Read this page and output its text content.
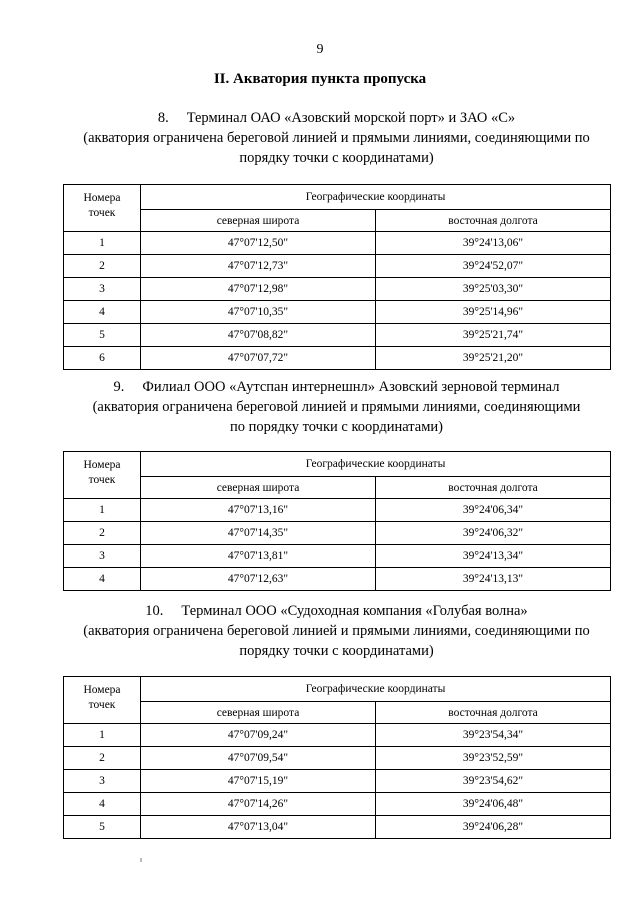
9
II. Акватория пункта пропуска
8. Терминал ОАО «Азовский морской порт» и ЗАО «С»
(акватория ограничена береговой линией и прямыми линиями, соединяющими по
порядку точки с координатами)
Номера
точек	Географические координаты	
	северная широта	восточная долгота
1	47°07'12,50"	39°24'13,06"
2	47°07'12,73"	39°24'52,07"
3	47°07'12,98"	39°25'03,30"
4	47°07'10,35"	39°25'14,96"
5	47°07'08,82"	39°25'21,74"
6	47°07'07,72"	39°25'21,20"
9. Филиал ООО «Аутспан интернешнл» Азовский зерновой терминал
(акватория ограничена береговой линией и прямыми линиями, соединяющими
по порядку точки с координатами)
Номера
точек	Географические координаты	
	северная широта	восточная долгота
1	47°07'13,16"	39°24'06,34"
2	47°07'14,35"	39°24'06,32"
3	47°07'13,81"	39°24'13,34"
4	47°07'12,63"	39°24'13,13"
10. Терминал ООО «Судоходная компания «Голубая волна»
(акватория ограничена береговой линией и прямыми линиями, соединяющими по
порядку точки с координатами)
Номера
точек	Географические координаты	
	северная широта	восточная долгота
1	47°07'09,24"	39°23'54,34"
2	47°07'09,54"	39°23'52,59"
3	47°07'15,19"	39°23'54,62"
4	47°07'14,26"	39°24'06,48"
5	47°07'13,04"	39°24'06,28"
